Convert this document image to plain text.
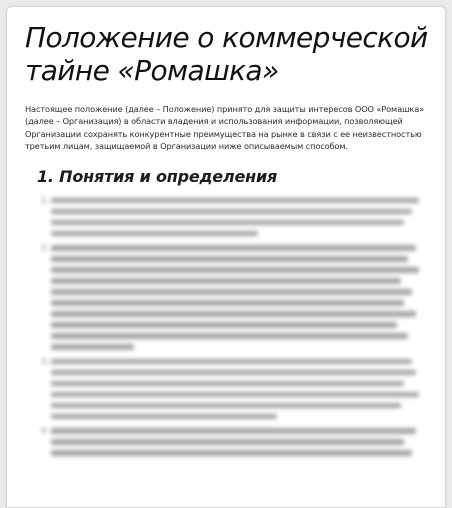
Положение о коммерческой тайне «Ромашка»

Настоящее положение (далее – Положение) принято для защиты интересов ООО «Ромашка» (далее – Организация) в области владения и использования информации, позволяющей Организации сохранять конкурентные преимущества на рынке в связи с ее неизвестностью третьим лицам, защищаемой в Организации ниже описываемым способом.

1. Понятия и определения
1.
2.
3.
4.
